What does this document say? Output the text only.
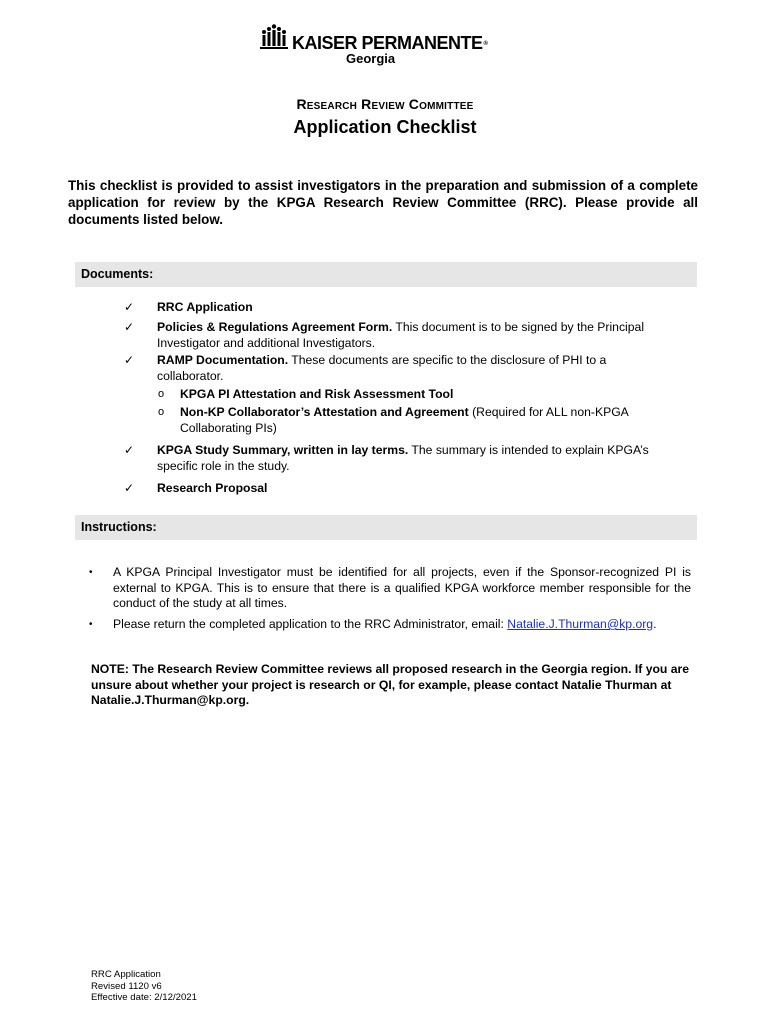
KAISER PERMANENTE®
Georgia
Research Review Committee
Application Checklist
This checklist is provided to assist investigators in the preparation and submission of a complete application for review by the KPGA Research Review Committee (RRC). Please provide all documents listed below.
Documents:
✓ RRC Application
✓ Policies & Regulations Agreement Form. This document is to be signed by the Principal Investigator and additional Investigators.
✓ RAMP Documentation. These documents are specific to the disclosure of PHI to a collaborator.
o KPGA PI Attestation and Risk Assessment Tool
o Non-KP Collaborator’s Attestation and Agreement (Required for ALL non-KPGA Collaborating PIs)
✓ KPGA Study Summary, written in lay terms. The summary is intended to explain KPGA’s specific role in the study.
✓ Research Proposal
Instructions:
• A KPGA Principal Investigator must be identified for all projects, even if the Sponsor-recognized PI is external to KPGA. This is to ensure that there is a qualified KPGA workforce member responsible for the conduct of the study at all times.
• Please return the completed application to the RRC Administrator, email: Natalie.J.Thurman@kp.org.
NOTE: The Research Review Committee reviews all proposed research in the Georgia region. If you are unsure about whether your project is research or QI, for example, please contact Natalie Thurman at Natalie.J.Thurman@kp.org.
RRC Application
Revised 1120 v6
Effective date: 2/12/2021
